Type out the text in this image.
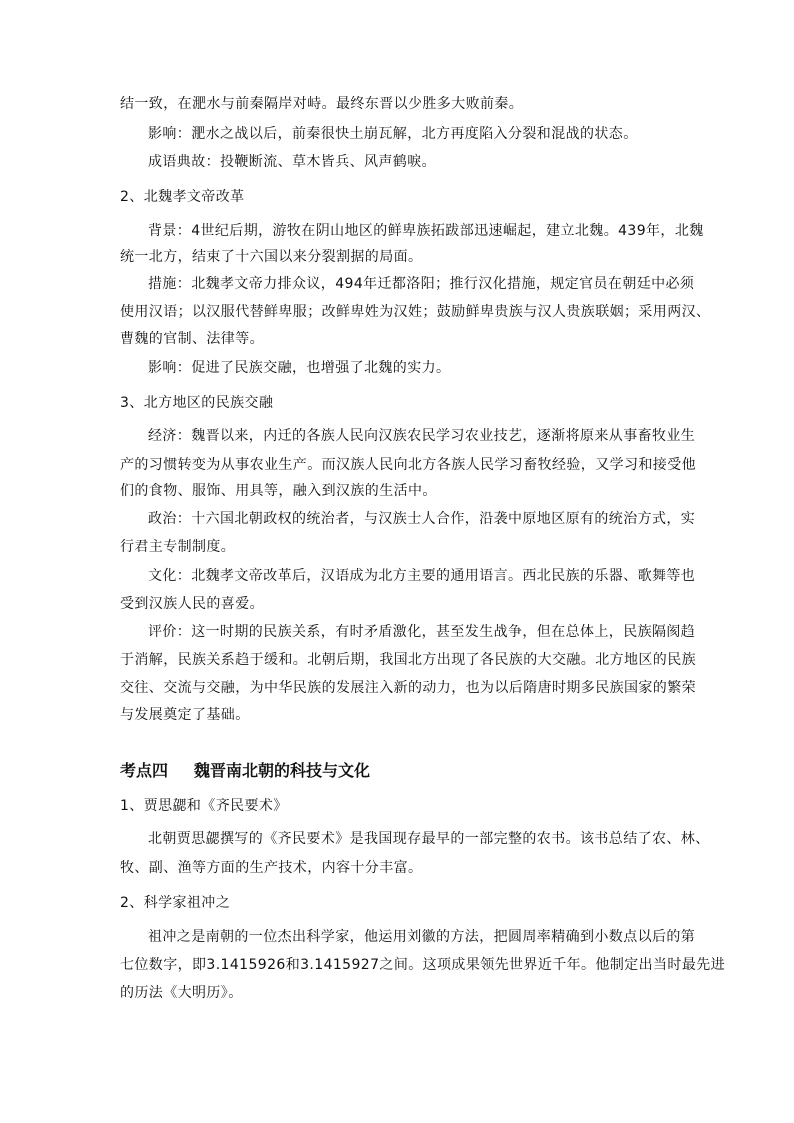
结一致，在淝水与前秦隔岸对峙。最终东晋以少胜多大败前秦。
影响：淝水之战以后，前秦很快土崩瓦解，北方再度陷入分裂和混战的状态。
成语典故：投鞭断流、草木皆兵、风声鹤唳。
2、北魏孝文帝改革
背景：4世纪后期，游牧在阴山地区的鲜卑族拓跋部迅速崛起，建立北魏。439年，北魏
统一北方，结束了十六国以来分裂割据的局面。
措施：北魏孝文帝力排众议，494年迁都洛阳；推行汉化措施，规定官员在朝廷中必须
使用汉语；以汉服代替鲜卑服；改鲜卑姓为汉姓；鼓励鲜卑贵族与汉人贵族联姻；采用两汉、
曹魏的官制、法律等。
影响：促进了民族交融，也增强了北魏的实力。
3、北方地区的民族交融
经济：魏晋以来，内迁的各族人民向汉族农民学习农业技艺，逐渐将原来从事畜牧业生
产的习惯转变为从事农业生产。而汉族人民向北方各族人民学习畜牧经验，又学习和接受他
们的食物、服饰、用具等，融入到汉族的生活中。
政治：十六国北朝政权的统治者，与汉族士人合作，沿袭中原地区原有的统治方式，实
行君主专制制度。
文化：北魏孝文帝改革后，汉语成为北方主要的通用语言。西北民族的乐器、歌舞等也
受到汉族人民的喜爱。
评价：这一时期的民族关系，有时矛盾激化，甚至发生战争，但在总体上，民族隔阂趋
于消解，民族关系趋于缓和。北朝后期，我国北方出现了各民族的大交融。北方地区的民族
交往、交流与交融，为中华民族的发展注入新的动力，也为以后隋唐时期多民族国家的繁荣
与发展奠定了基础。
考点四 魏晋南北朝的科技与文化
1、贾思勰和《齐民要术》
北朝贾思勰撰写的《齐民要术》是我国现存最早的一部完整的农书。该书总结了农、林、
牧、副、渔等方面的生产技术，内容十分丰富。
2、科学家祖冲之
祖冲之是南朝的一位杰出科学家，他运用刘徽的方法，把圆周率精确到小数点以后的第
七位数字，即3.1415926和3.1415927之间。这项成果领先世界近千年。他制定出当时最先进
的历法《大明历》。
